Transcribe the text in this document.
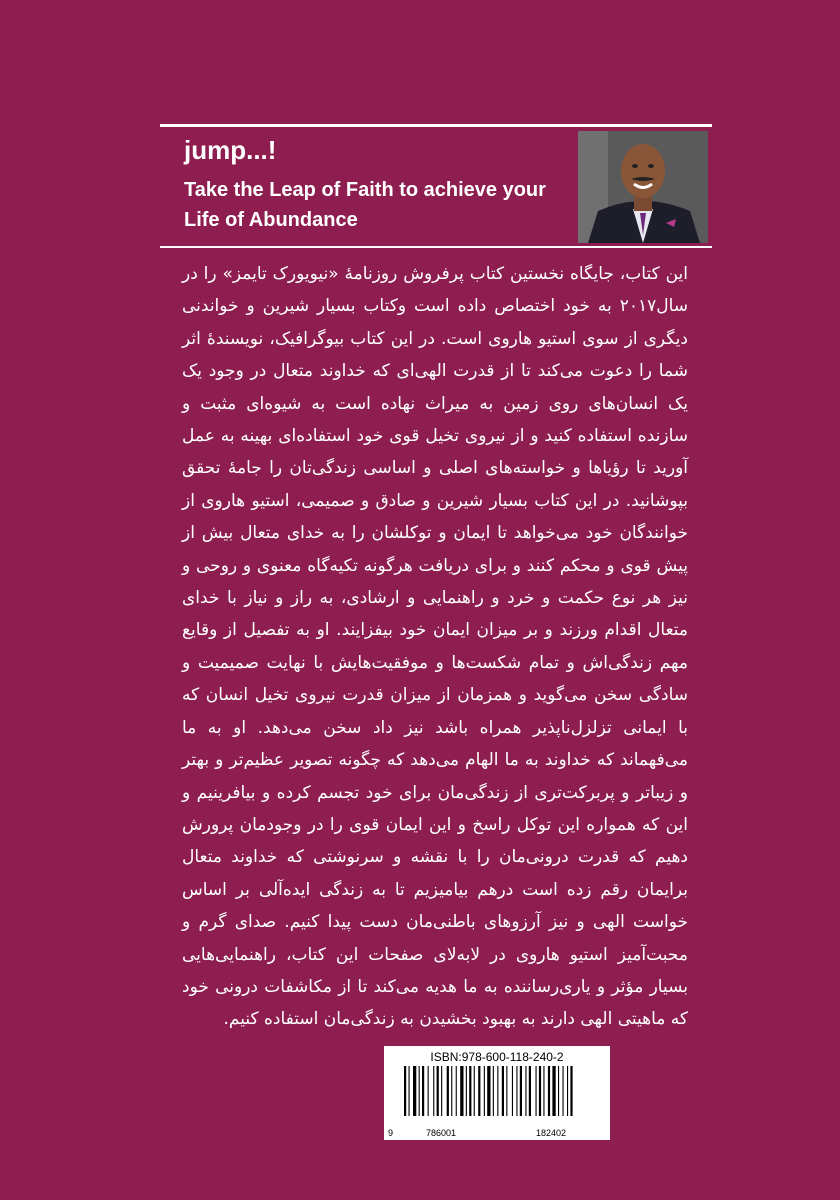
jump...!
Take the Leap of Faith to achieve your Life of Abundance
این کتاب، جایگاه نخستین کتاب پرفروش روزنامهٔ «نیویورک تایمز» را در سال۲۰۱۷ به خود اختصاص داده است وکتاب بسیار شیرین و خواندنی دیگری از سوی استیو هاروی است. در این کتاب بیوگرافیک، نویسندهٔ اثر شما را دعوت می‌کند تا از قدرت الهی‌ای که خداوند متعال در وجود یک یک انسان‌های روی زمین به میراث نهاده است به شیوه‌ای مثبت و سازنده استفاده کنید و از نیروی تخیل قوی خود استفاده‌ای بهینه به عمل آورید تا رؤیاها و خواسته‌های اصلی و اساسی زندگی‌تان را جامهٔ تحقق بپوشانید. در این کتاب بسیار شیرین و صادق و صمیمی، استیو هاروی از خوانندگان خود می‌خواهد تا ایمان و توکلشان را به خدای متعال بیش از پیش قوی و محکم کنند و برای دریافت هرگونه تکیه‌گاه معنوی و روحی و نیز هر نوع حکمت و خرد و راهنمایی و ارشادی، به راز و نیاز با خدای متعال اقدام ورزند و بر میزان ایمان خود بیفزایند. او به تفصیل از وقایع مهم زندگی‌اش و تمام شکست‌ها و موفقیت‌هایش با نهایت صمیمیت و سادگی سخن می‌گوید و همزمان از میزان قدرت نیروی تخیل انسان که با ایمانی تزلزل‌ناپذیر همراه باشد نیز داد سخن می‌دهد. او به ما می‌فهماند که خداوند به ما الهام می‌دهد که چگونه تصویر عظیم‌تر و بهتر و زیباتر و پربرکت‌تری از زندگی‌مان برای خود تجسم کرده و بیافرینیم و این که همواره این توکل راسخ و این ایمان قوی را در وجودمان پرورش دهیم که قدرت درونی‌مان را با نقشه و سرنوشتی که خداوند متعال برایمان رقم زده است درهم بیامیزیم تا به زندگی ایده‌آلی بر اساس خواست الهی و نیز آرزوهای باطنی‌مان دست پیدا کنیم. صدای گرم و محبت‌آمیز استیو هاروی در لابه‌لای صفحات این کتاب، راهنمایی‌هایی بسیار مؤثر و یاری‌رساننده به ما هدیه می‌کند تا از مکاشفات درونی خود که ماهیتی الهی دارند به بهبود بخشیدن به زندگی‌مان استفاده کنیم.
ISBN:978-600-118-240-2
9	786001	182402
